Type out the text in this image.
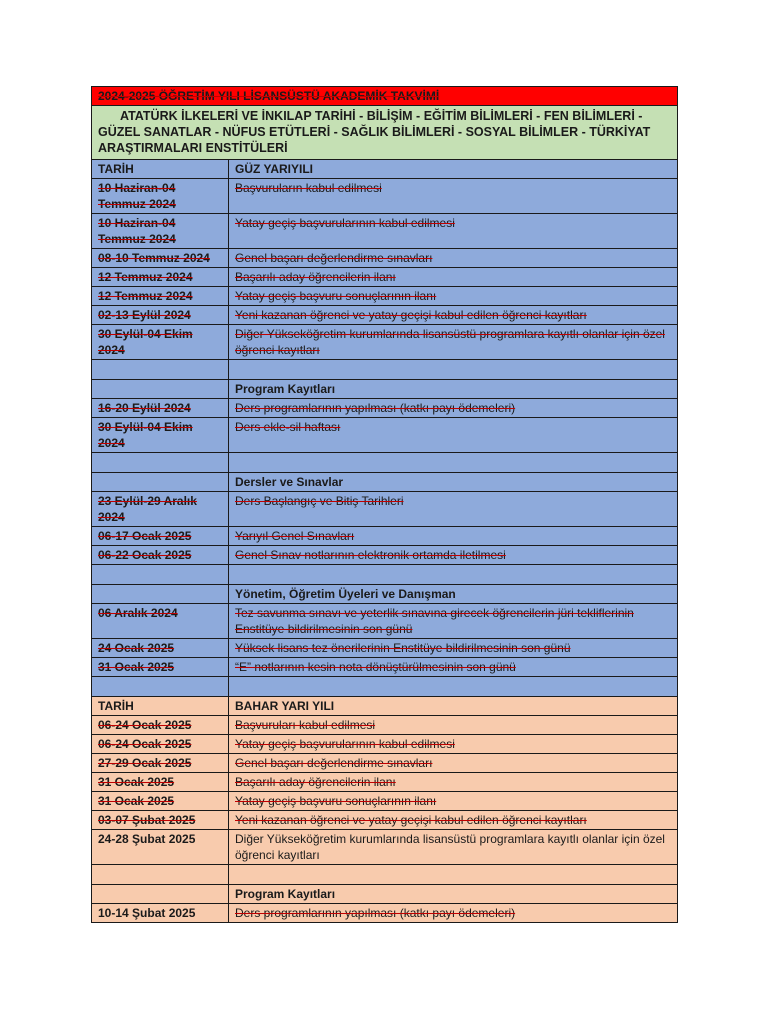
2024-2025 ÖĞRETİM YILI LİSANSÜSTÜ AKADEMİK TAKVİMİ	

ATATÜRK İLKELERİ VE İNKILAP TARİHİ - BİLİŞİM - EĞİTİM BİLİMLERİ - FEN BİLİMLERİ - GÜZEL SANATLAR - NÜFUS ETÜTLERİ - SAĞLIK BİLİMLERİ - SOSYAL BİLİMLER - TÜRKİYAT ARAŞTIRMALARI ENSTİTÜLERİ	

TARİH	GÜZ YARIYILI
10 Haziran-04 Temmuz 2024	Başvuruların kabul edilmesi
10 Haziran-04 Temmuz 2024	Yatay geçiş başvurularının kabul edilmesi
08-10 Temmuz 2024	Genel başarı değerlendirme sınavları
12 Temmuz 2024	Başarılı aday öğrencilerin ilanı
12 Temmuz 2024	Yatay geçiş başvuru sonuçlarının ilanı
02-13 Eylül 2024	Yeni kazanan öğrenci ve yatay geçişi kabul edilen öğrenci kayıtları
30 Eylül-04 Ekim 2024	Diğer Yükseköğretim kurumlarında lisansüstü programlara kayıtlı olanlar için özel öğrenci kayıtları

	Program Kayıtları
16-20 Eylül 2024	Ders programlarının yapılması (katkı payı ödemeleri)
30 Eylül-04 Ekim 2024	Ders ekle-sil haftası

	Dersler ve Sınavlar
23 Eylül-29 Aralık 2024	Ders Başlangıç ve Bitiş Tarihleri
06-17 Ocak 2025	Yarıyıl Genel Sınavları
06-22 Ocak 2025	Genel Sınav notlarının elektronik ortamda iletilmesi

	Yönetim, Öğretim Üyeleri ve Danışman
06 Aralık 2024	Tez savunma sınavı ve yeterlik sınavına girecek öğrencilerin jüri tekliflerinin Enstitüye bildirilmesinin son günü
24 Ocak 2025	Yüksek lisans tez önerilerinin Enstitüye bildirilmesinin son günü
31 Ocak 2025	“E” notlarının kesin nota dönüştürülmesinin son günü

TARİH	BAHAR YARI YILI
06-24 Ocak 2025	Başvuruları kabul edilmesi
06-24 Ocak 2025	Yatay geçiş başvurularının kabul edilmesi
27-29 Ocak 2025	Genel başarı değerlendirme sınavları
31 Ocak 2025	Başarılı aday öğrencilerin ilanı
31 Ocak 2025	Yatay geçiş başvuru sonuçlarının ilanı
03-07 Şubat 2025	Yeni kazanan öğrenci ve yatay geçişi kabul edilen öğrenci kayıtları
24-28 Şubat 2025	Diğer Yükseköğretim kurumlarında lisansüstü programlara kayıtlı olanlar için özel öğrenci kayıtları

	Program Kayıtları
10-14 Şubat 2025	Ders programlarının yapılması (katkı payı ödemeleri)
